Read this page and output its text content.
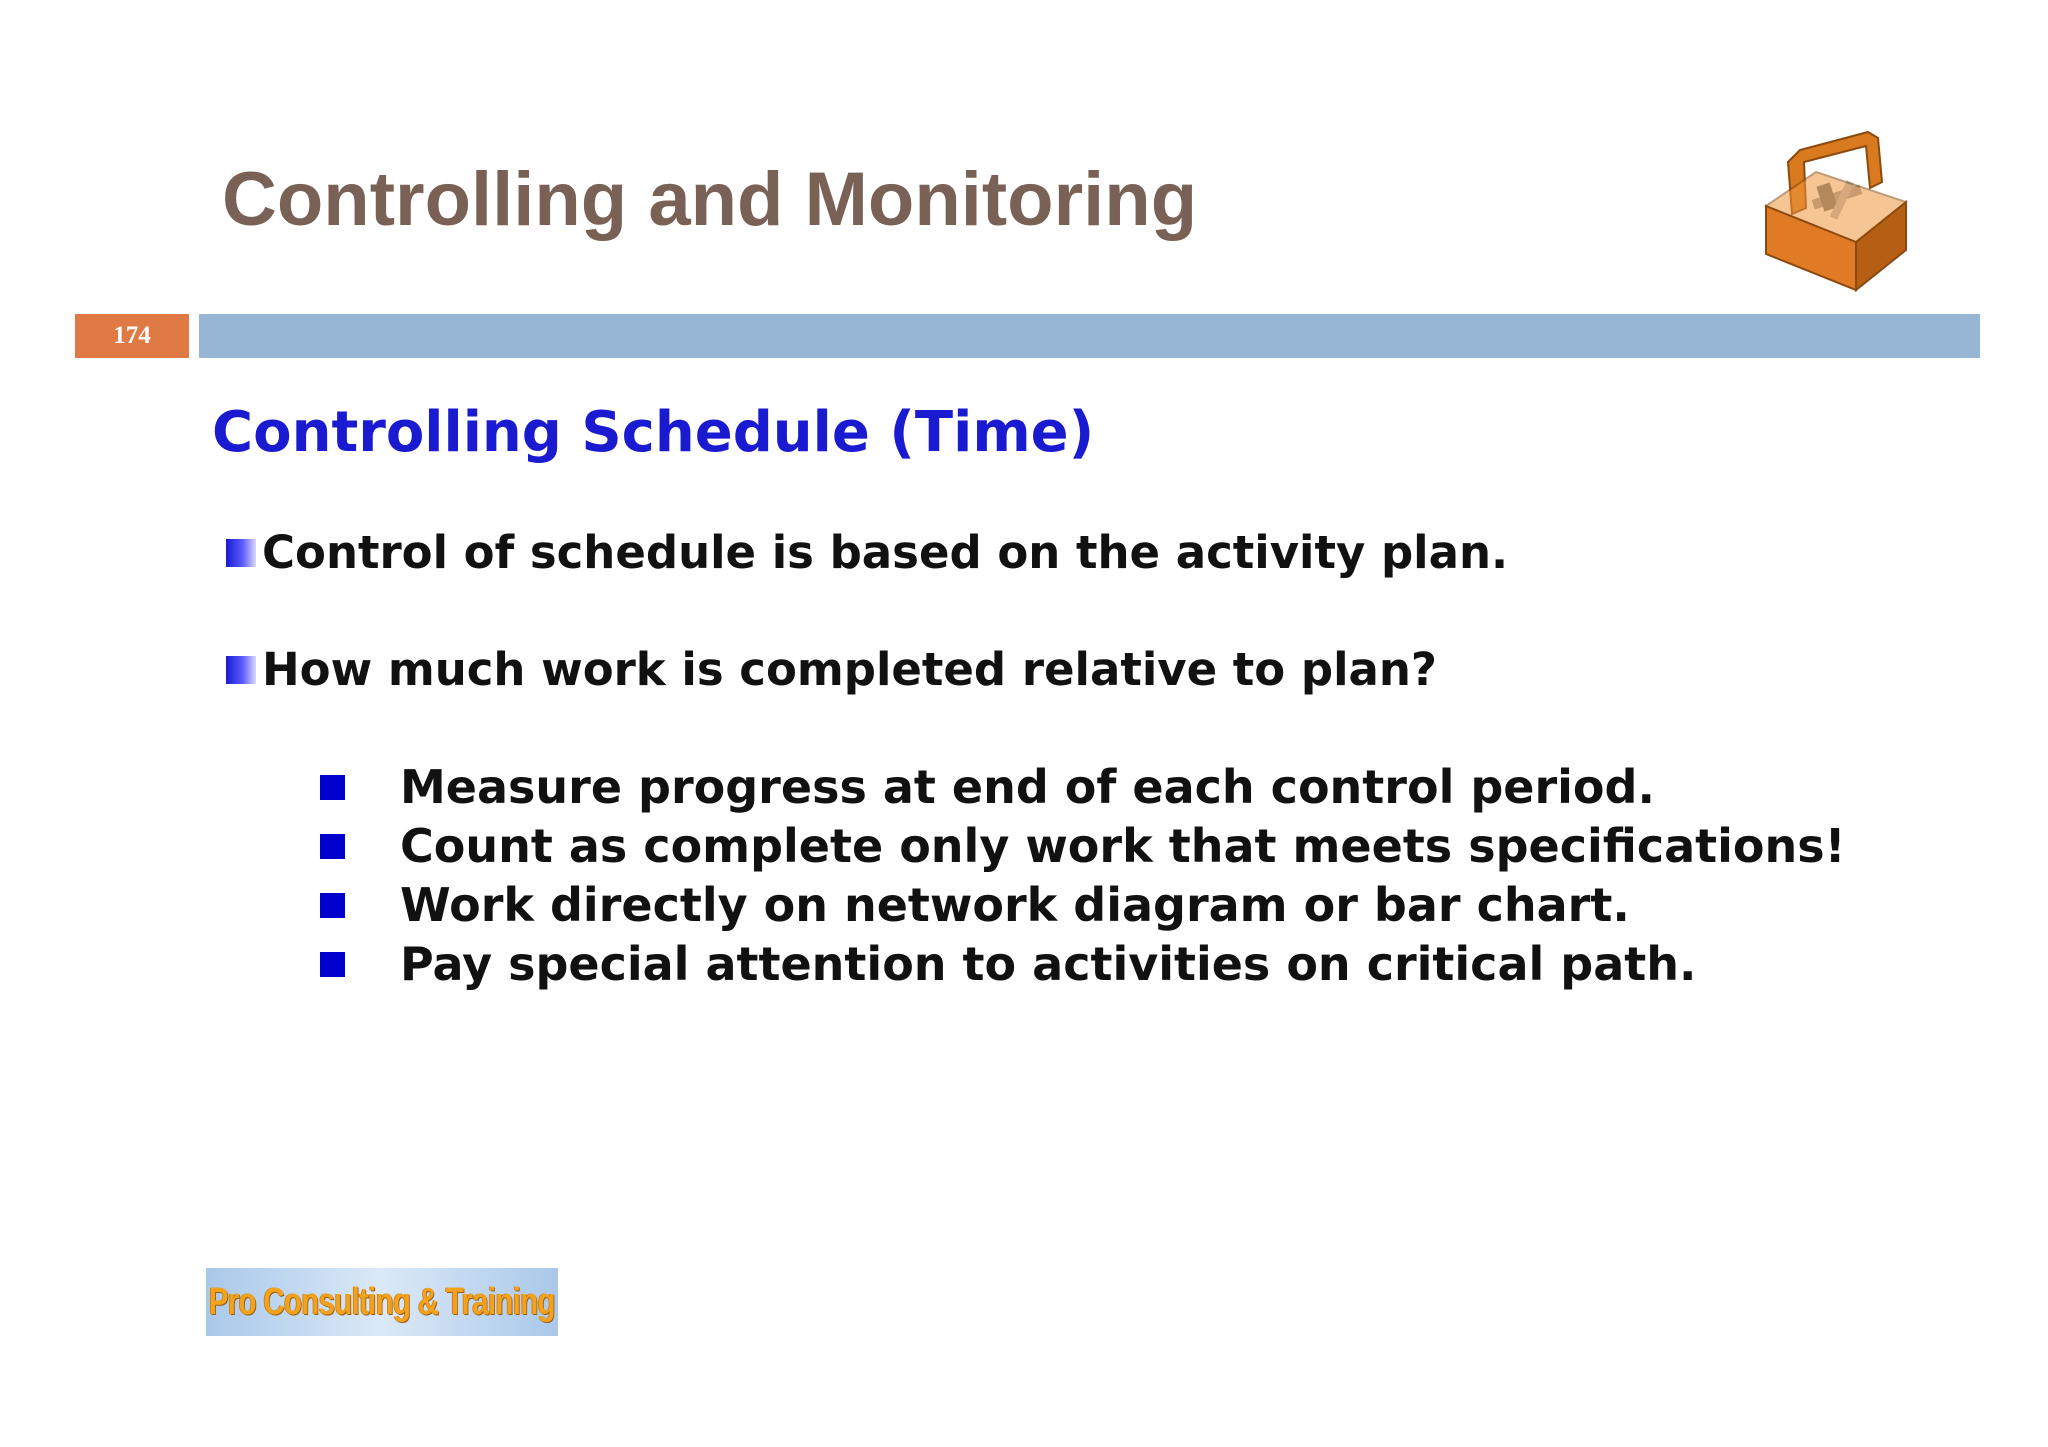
Controlling and Monitoring
174
Controlling Schedule (Time)
Control of schedule is based on the activity plan.
How much work is completed relative to plan?
Measure progress at end of each control period.
Count as complete only work that meets specifications!
Work directly on network diagram or bar chart.
Pay special attention to activities on critical path.
Pro Consulting & Training
